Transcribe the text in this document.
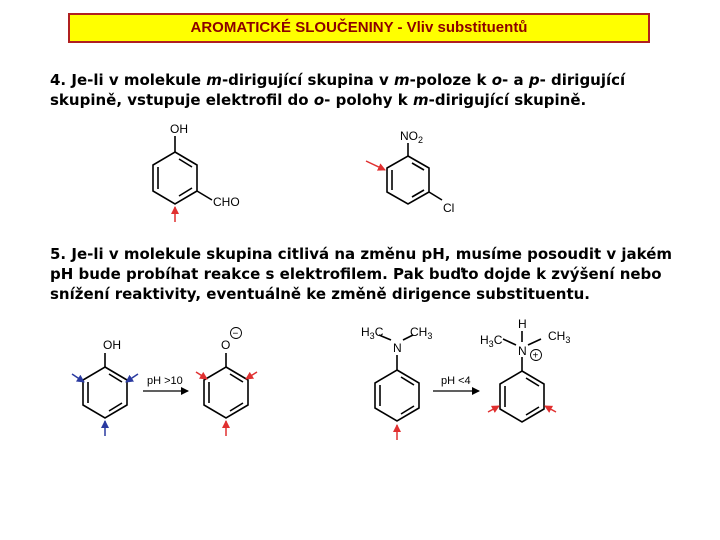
AROMATICKÉ SLOUČENINY - Vliv substituentů
4. Je-li v molekule m-dirigující skupina v m-poloze k o- a p- dirigující skupině, vstupuje elektrofil do o- polohy k m-dirigující skupině.
5. Je-li v molekule skupina citlivá na změnu pH, musíme posoudit v jakém pH bude probíhat reakce s elektrofilem. Pak buďto dojde k zvýšení nebo snížení reaktivity, eventuálně ke změně dirigence substituentu.
OH
CHO
$NO_2$
Cl
OH
pH >10
O
−	$H_3C$ $CH_3$
N
pH <4
H
$H_3C$	$CH_3$
N +
